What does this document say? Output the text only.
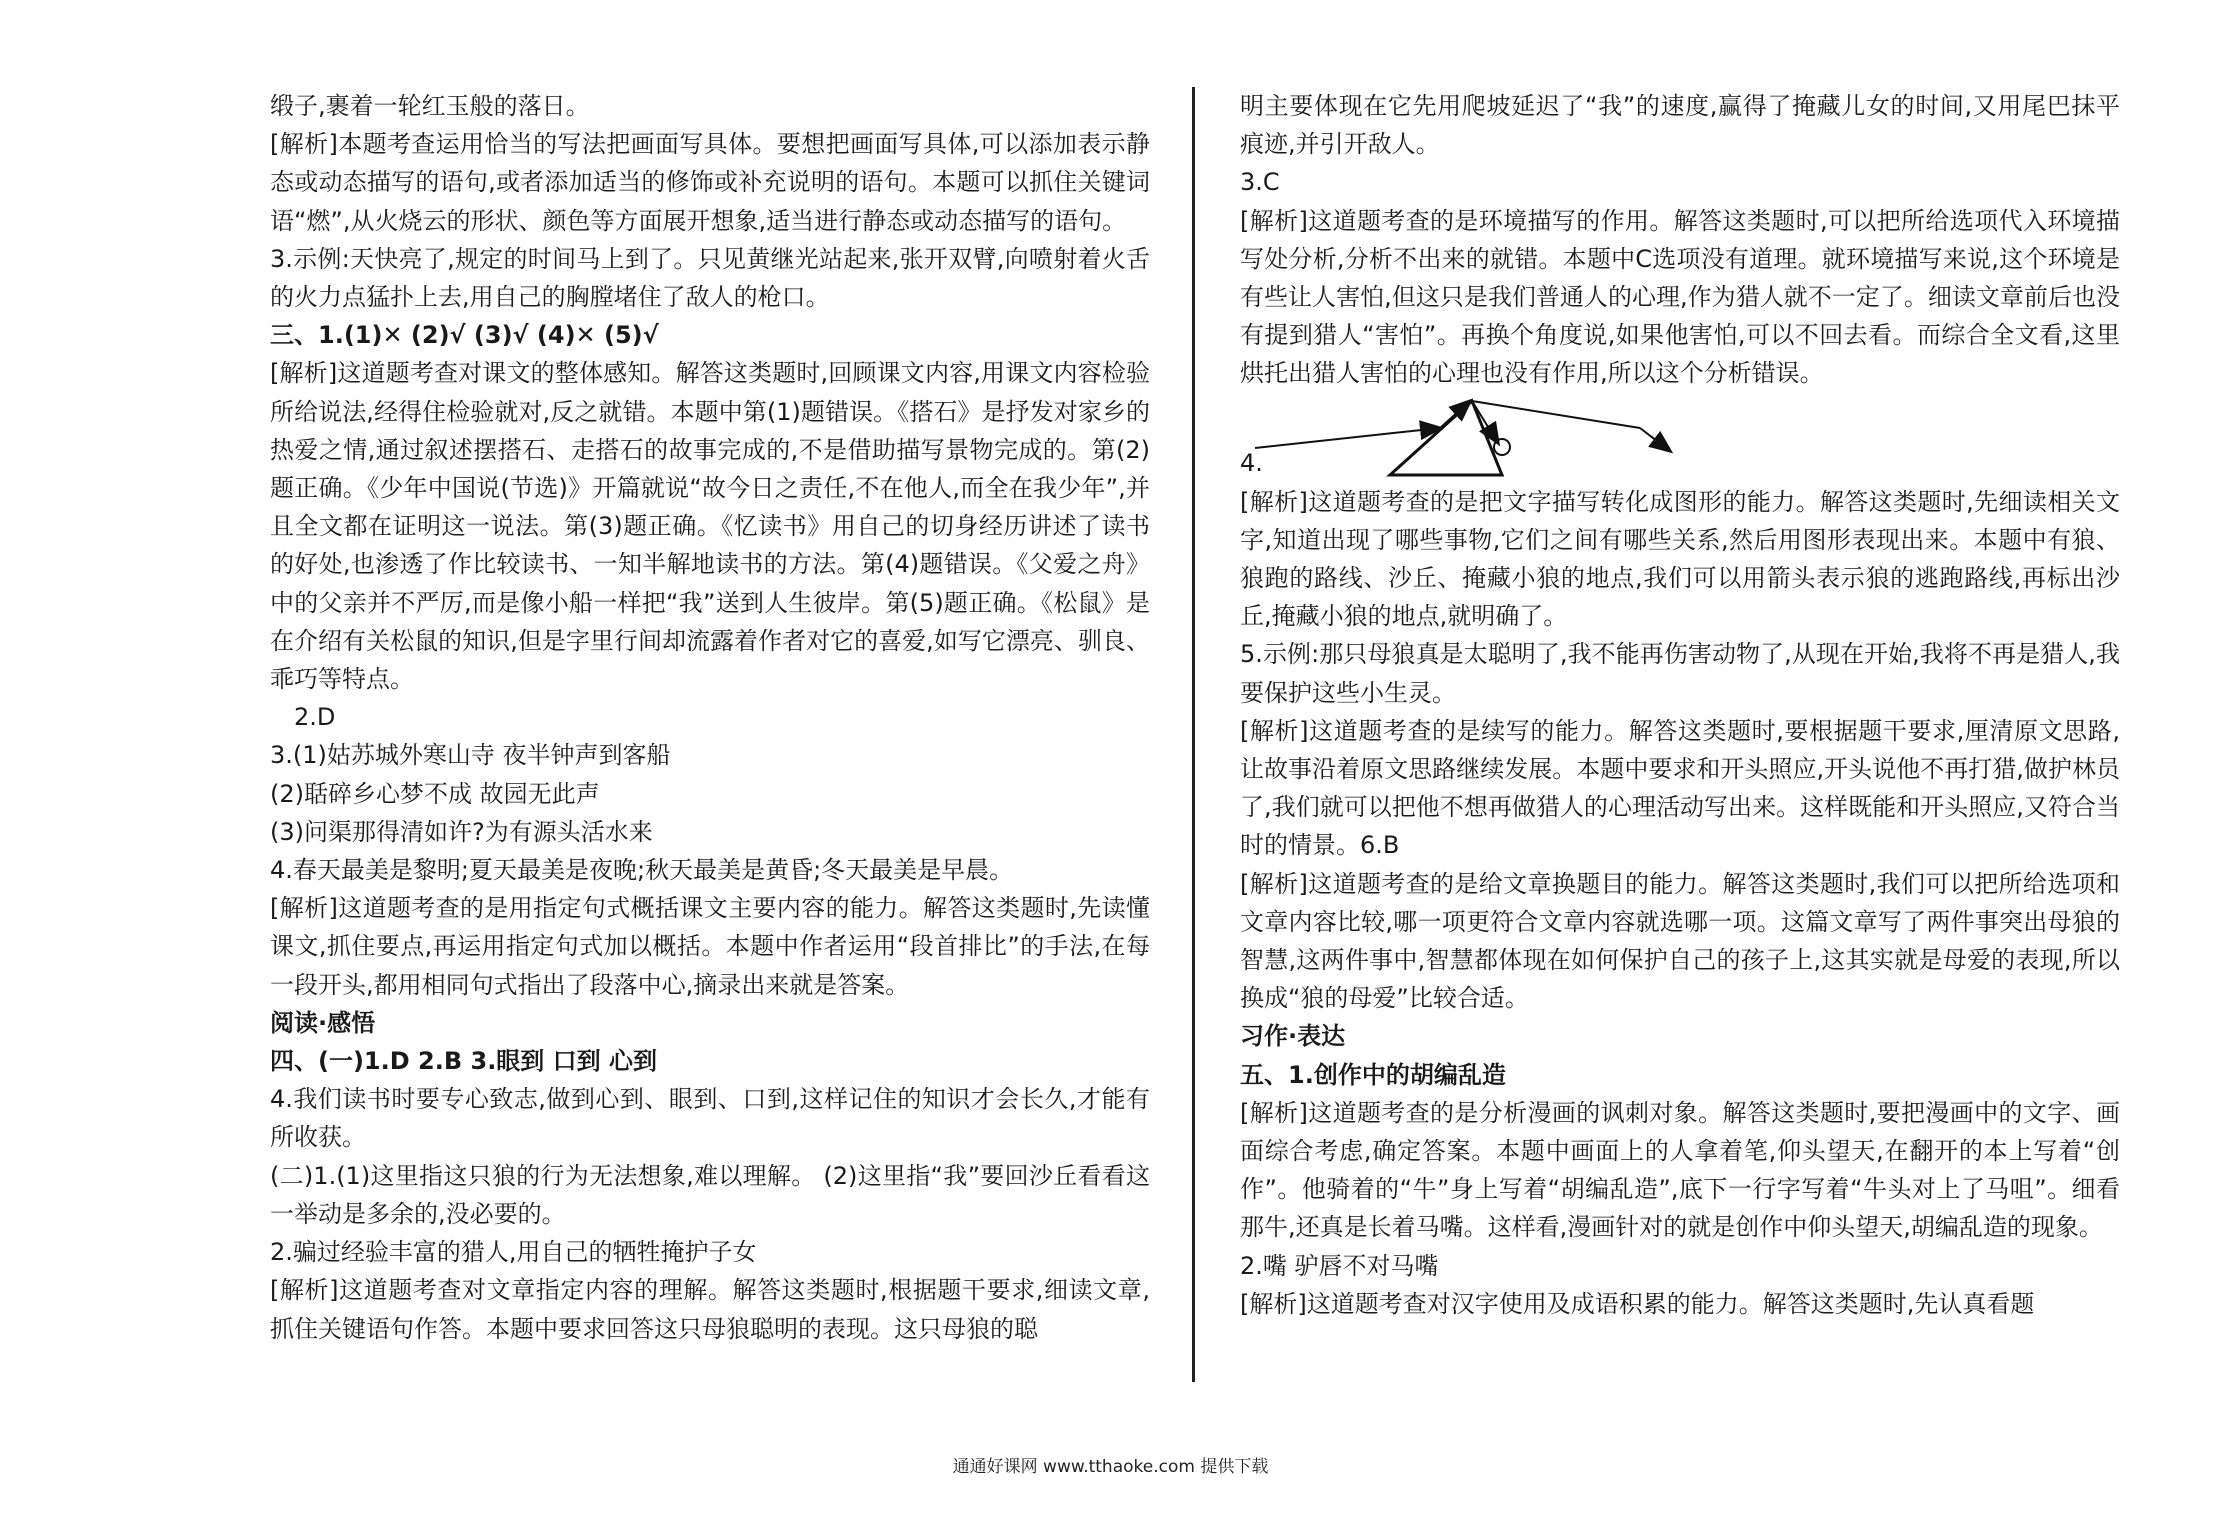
缎子,裹着一轮红玉般的落日。

[解析]本题考查运用恰当的写法把画面写具体。要想把画面写具体,可以添加表示静态或动态描写的语句,或者添加适当的修饰或补充说明的语句。本题可以抓住关键词语“燃”,从火烧云的形状、颜色等方面展开想象,适当进行静态或动态描写的语句。

3.示例:天快亮了,规定的时间马上到了。只见黄继光站起来,张开双臂,向喷射着火舌的火力点猛扑上去,用自己的胸膛堵住了敌人的枪口。

三、1.(1)✕ (2)√ (3)√ (4)✕ (5)√

[解析]这道题考查对课文的整体感知。解答这类题时,回顾课文内容,用课文内容检验所给说法,经得住检验就对,反之就错。本题中第(1)题错误。《搭石》是抒发对家乡的热爱之情,通过叙述摆搭石、走搭石的故事完成的,不是借助描写景物完成的。第(2)题正确。《少年中国说(节选)》开篇就说“故今日之责任,不在他人,而全在我少年”,并且全文都在证明这一说法。第(3)题正确。《忆读书》用自己的切身经历讲述了读书的好处,也渗透了作比较读书、一知半解地读书的方法。第(4)题错误。《父爱之舟》中的父亲并不严厉,而是像小船一样把“我”送到人生彼岸。第(5)题正确。《松鼠》是在介绍有关松鼠的知识,但是字里行间却流露着作者对它的喜爱,如写它漂亮、驯良、乖巧等特点。

2.D

3.(1)姑苏城外寒山寺 夜半钟声到客船

(2)聒碎乡心梦不成 故园无此声

(3)问渠那得清如许?为有源头活水来

4.春天最美是黎明;夏天最美是夜晚;秋天最美是黄昏;冬天最美是早晨。

[解析]这道题考查的是用指定句式概括课文主要内容的能力。解答这类题时,先读懂课文,抓住要点,再运用指定句式加以概括。本题中作者运用“段首排比”的手法,在每一段开头,都用相同句式指出了段落中心,摘录出来就是答案。

阅读·感悟

四、(一)1.D 2.B 3.眼到 口到 心到

4.我们读书时要专心致志,做到心到、眼到、口到,这样记住的知识才会长久,才能有所收获。

(二)1.(1)这里指这只狼的行为无法想象,难以理解。 (2)这里指“我”要回沙丘看看这一举动是多余的,没必要的。

2.骗过经验丰富的猎人,用自己的牺牲掩护子女

[解析]这道题考查对文章指定内容的理解。解答这类题时,根据题干要求,细读文章,抓住关键语句作答。本题中要求回答这只母狼聪明的表现。这只母狼的聪

明主要体现在它先用爬坡延迟了“我”的速度,赢得了掩藏儿女的时间,又用尾巴抹平痕迹,并引开敌人。

3.C

[解析]这道题考查的是环境描写的作用。解答这类题时,可以把所给选项代入环境描写处分析,分析不出来的就错。本题中C选项没有道理。就环境描写来说,这个环境是有些让人害怕,但这只是我们普通人的心理,作为猎人就不一定了。细读文章前后也没有提到猎人“害怕”。再换个角度说,如果他害怕,可以不回去看。而综合全文看,这里烘托出猎人害怕的心理也没有作用,所以这个分析错误。

4.

[解析]这道题考查的是把文字描写转化成图形的能力。解答这类题时,先细读相关文字,知道出现了哪些事物,它们之间有哪些关系,然后用图形表现出来。本题中有狼、狼跑的路线、沙丘、掩藏小狼的地点,我们可以用箭头表示狼的逃跑路线,再标出沙丘,掩藏小狼的地点,就明确了。

5.示例:那只母狼真是太聪明了,我不能再伤害动物了,从现在开始,我将不再是猎人,我要保护这些小生灵。

[解析]这道题考查的是续写的能力。解答这类题时,要根据题干要求,厘清原文思路,让故事沿着原文思路继续发展。本题中要求和开头照应,开头说他不再打猎,做护林员了,我们就可以把他不想再做猎人的心理活动写出来。这样既能和开头照应,又符合当时的情景。6.B

[解析]这道题考查的是给文章换题目的能力。解答这类题时,我们可以把所给选项和文章内容比较,哪一项更符合文章内容就选哪一项。这篇文章写了两件事突出母狼的智慧,这两件事中,智慧都体现在如何保护自己的孩子上,这其实就是母爱的表现,所以换成“狼的母爱”比较合适。

习作·表达

五、1.创作中的胡编乱造

[解析]这道题考查的是分析漫画的讽刺对象。解答这类题时,要把漫画中的文字、画面综合考虑,确定答案。本题中画面上的人拿着笔,仰头望天,在翻开的本上写着“创作”。他骑着的“牛”身上写着“胡编乱造”,底下一行字写着“牛头对上了马咀”。细看那牛,还真是长着马嘴。这样看,漫画针对的就是创作中仰头望天,胡编乱造的现象。

2.嘴 驴唇不对马嘴

[解析]这道题考查对汉字使用及成语积累的能力。解答这类题时,先认真看题

通通好课网 www.tthaoke.com 提供下载
